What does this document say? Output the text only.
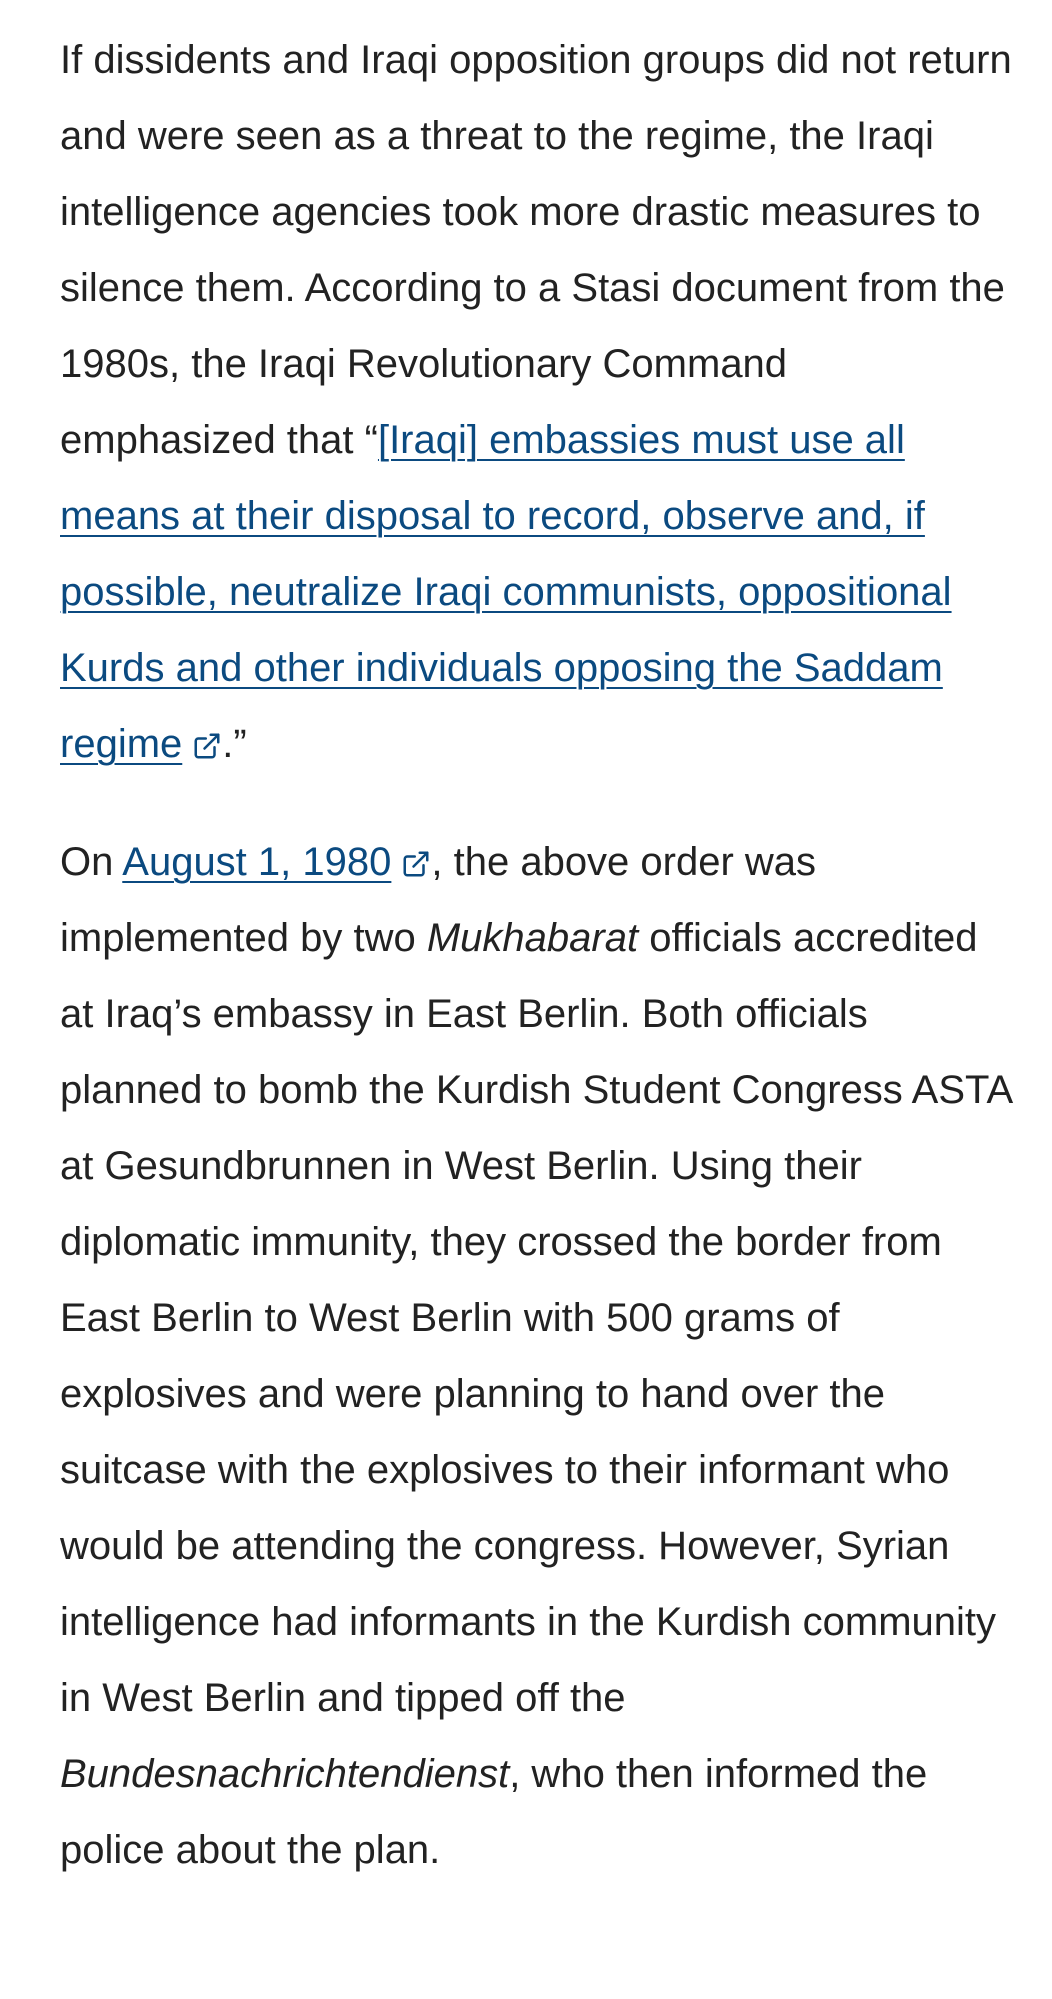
If dissidents and Iraqi opposition groups did not return and were seen as a threat to the regime, the Iraqi intelligence agencies took more drastic measures to silence them. According to a Stasi document from the 1980s, the Iraqi Revolutionary Command emphasized that “[Iraqi] embassies must use all means at their disposal to record, observe and, if possible, neutralize Iraqi communists, oppositional Kurds and other individuals opposing the Saddam regime .”

On August 1, 1980 , the above order was implemented by two Mukhabarat officials accredited at Iraq’s embassy in East Berlin. Both officials planned to bomb the Kurdish Student Congress ASTA at Gesundbrunnen in West Berlin. Using their diplomatic immunity, they crossed the border from East Berlin to West Berlin with 500 grams of explosives and were planning to hand over the suitcase with the explosives to their informant who would be attending the congress. However, Syrian intelligence had informants in the Kurdish community in West Berlin and tipped off the Bundesnachrichtendienst, who then informed the police about the plan.
